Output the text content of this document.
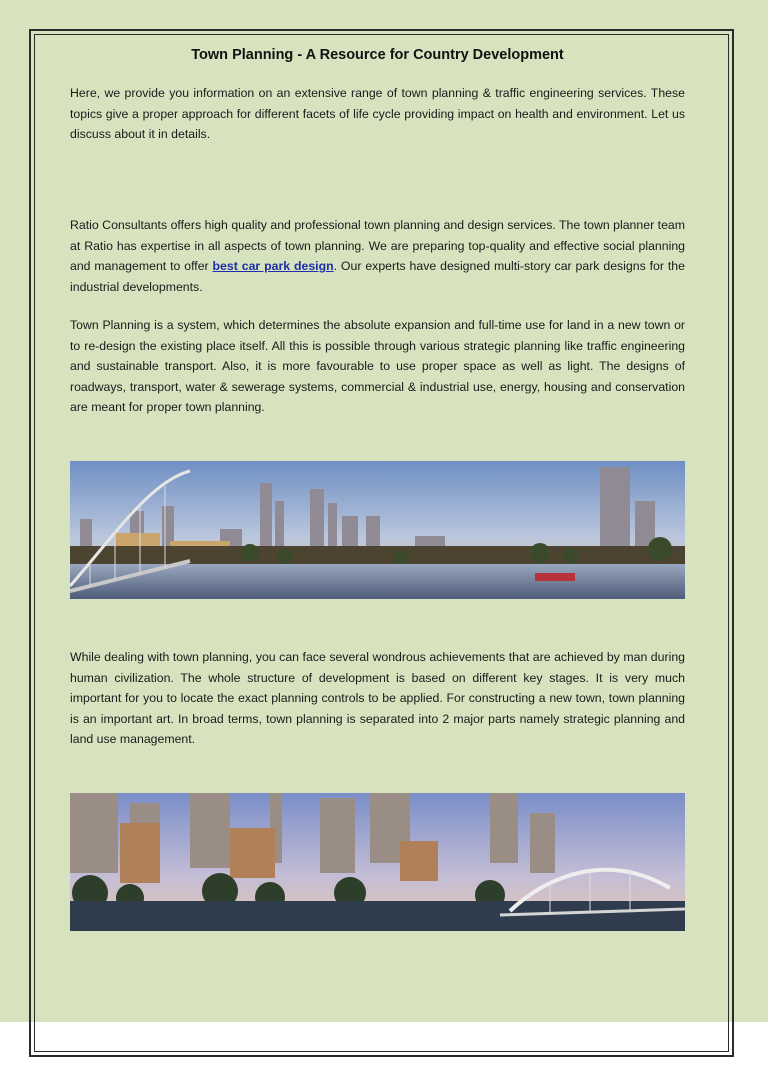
Town Planning - A Resource for Country Development

Here, we provide you information on an extensive range of town planning & traffic engineering services. These topics give a proper approach for different facets of life cycle providing impact on health and environment. Let us discuss about it in details.

Ratio Consultants offers high quality and professional town planning and design services. The town planner team at Ratio has expertise in all aspects of town planning. We are preparing top-quality and effective social planning and management to offer best car park design. Our experts have designed multi-story car park designs for the industrial developments.

Town Planning is a system, which determines the absolute expansion and full-time use for land in a new town or to re-design the existing place itself. All this is possible through various strategic planning like traffic engineering and sustainable transport. Also, it is more favourable to use proper space as well as light. The designs of roadways, transport, water & sewerage systems, commercial & industrial use, energy, housing and conservation are meant for proper town planning.

While dealing with town planning, you can face several wondrous achievements that are achieved by man during human civilization. The whole structure of development is based on different key stages. It is very much important for you to locate the exact planning controls to be applied. For constructing a new town, town planning is an important art. In broad terms, town planning is separated into 2 major parts namely strategic planning and land use management.
